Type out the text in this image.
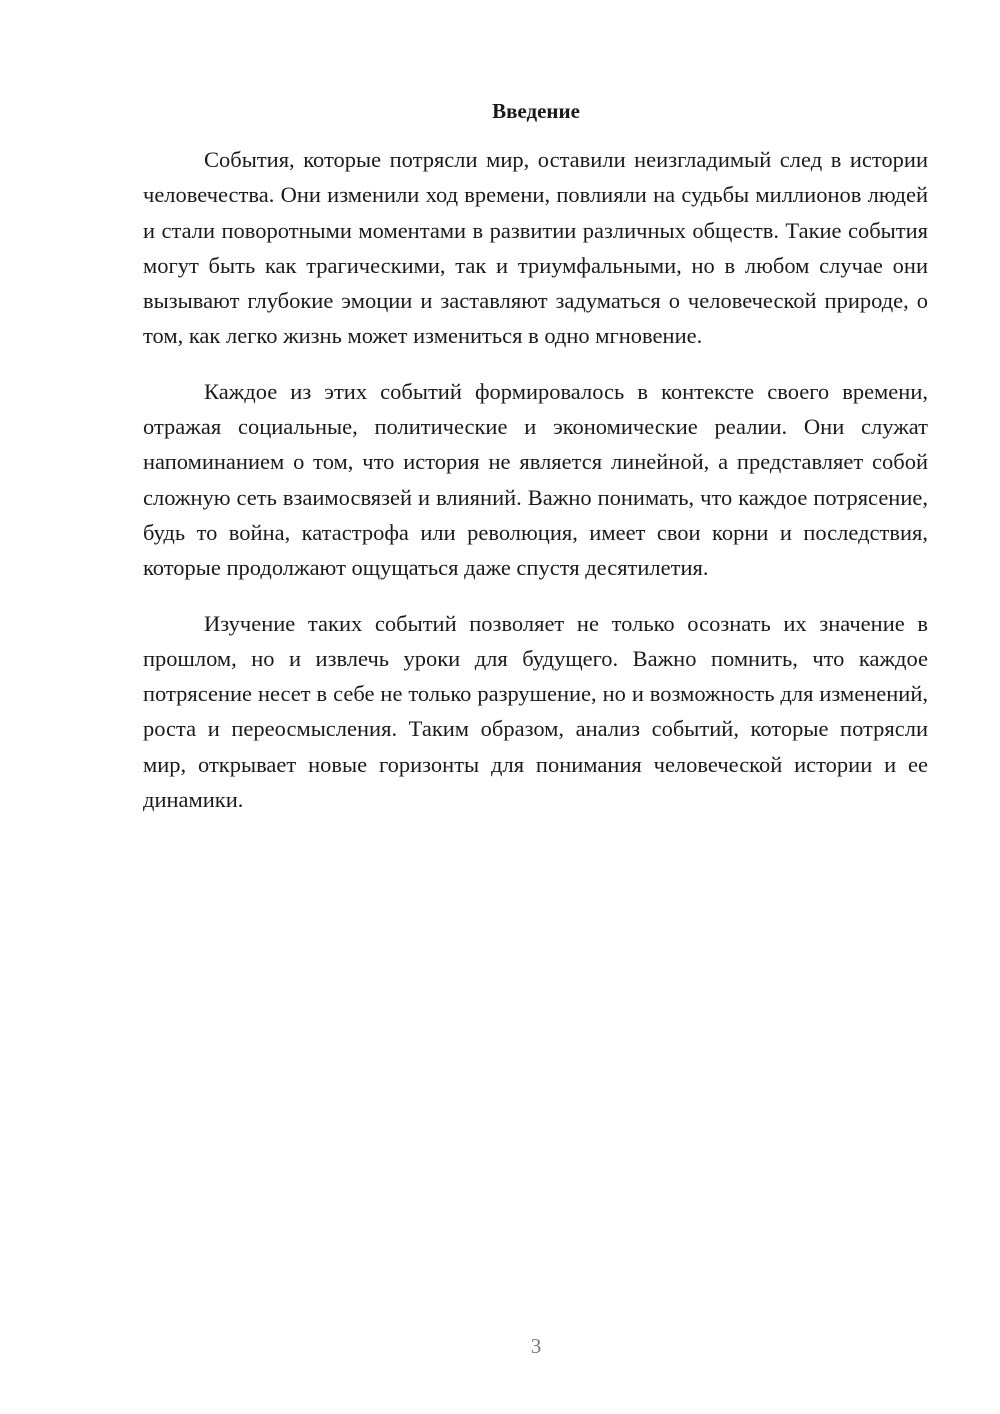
Введение

События, которые потрясли мир, оставили неизгладимый след в истории человечества. Они изменили ход времени, повлияли на судьбы миллионов людей и стали поворотными моментами в развитии различных обществ. Такие события могут быть как трагическими, так и триумфальными, но в любом случае они вызывают глубокие эмоции и заставляют задуматься о человеческой природе, о том, как легко жизнь может измениться в одно мгновение.

Каждое из этих событий формировалось в контексте своего времени, отражая социальные, политические и экономические реалии. Они служат напоминанием о том, что история не является линейной, а представляет собой сложную сеть взаимосвязей и влияний. Важно понимать, что каждое потрясение, будь то война, катастрофа или революция, имеет свои корни и последствия, которые продолжают ощущаться даже спустя десятилетия.

Изучение таких событий позволяет не только осознать их значение в прошлом, но и извлечь уроки для будущего. Важно помнить, что каждое потрясение несет в себе не только разрушение, но и возможность для изменений, роста и переосмысления. Таким образом, анализ событий, которые потрясли мир, открывает новые горизонты для понимания человеческой истории и ее динамики.

3
